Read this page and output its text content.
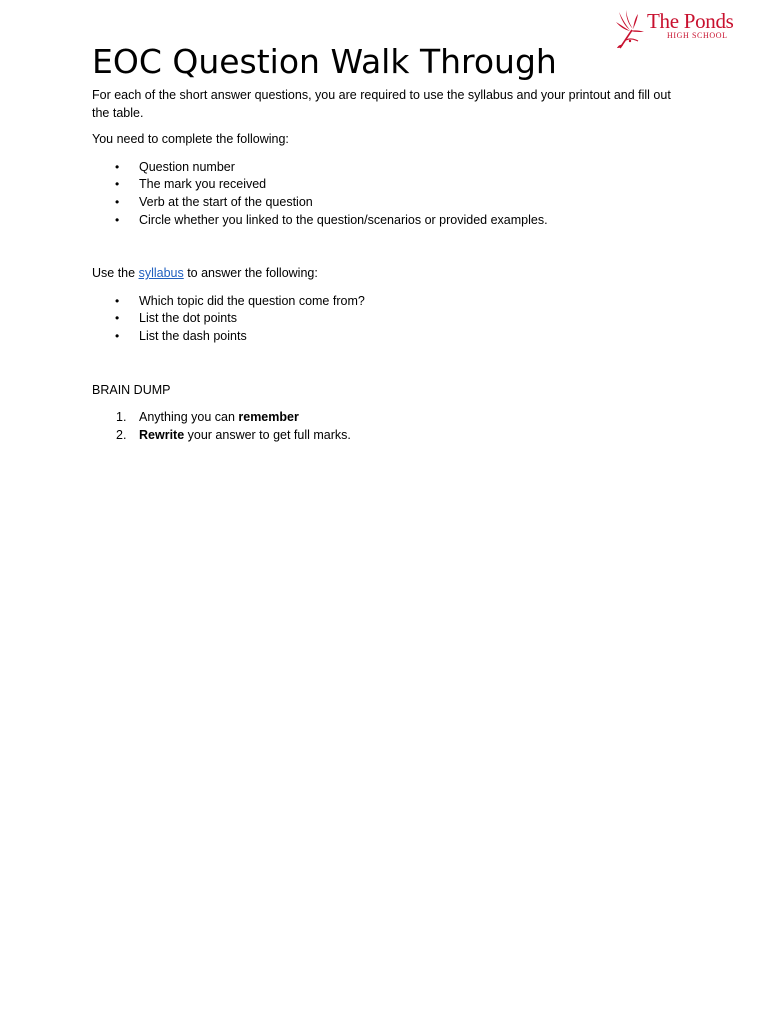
The Ponds
HIGH SCHOOL
EOC Question Walk Through

For each of the short answer questions, you are required to use the syllabus and your printout and fill out the table.

You need to complete the following:

• Question number
• The mark you received
• Verb at the start of the question
• Circle whether you linked to the question/scenarios or provided examples.

Use the syllabus to answer the following:

• Which topic did the question come from?
• List the dot points
• List the dash points

BRAIN DUMP

1. Anything you can remember
2. Rewrite your answer to get full marks.
